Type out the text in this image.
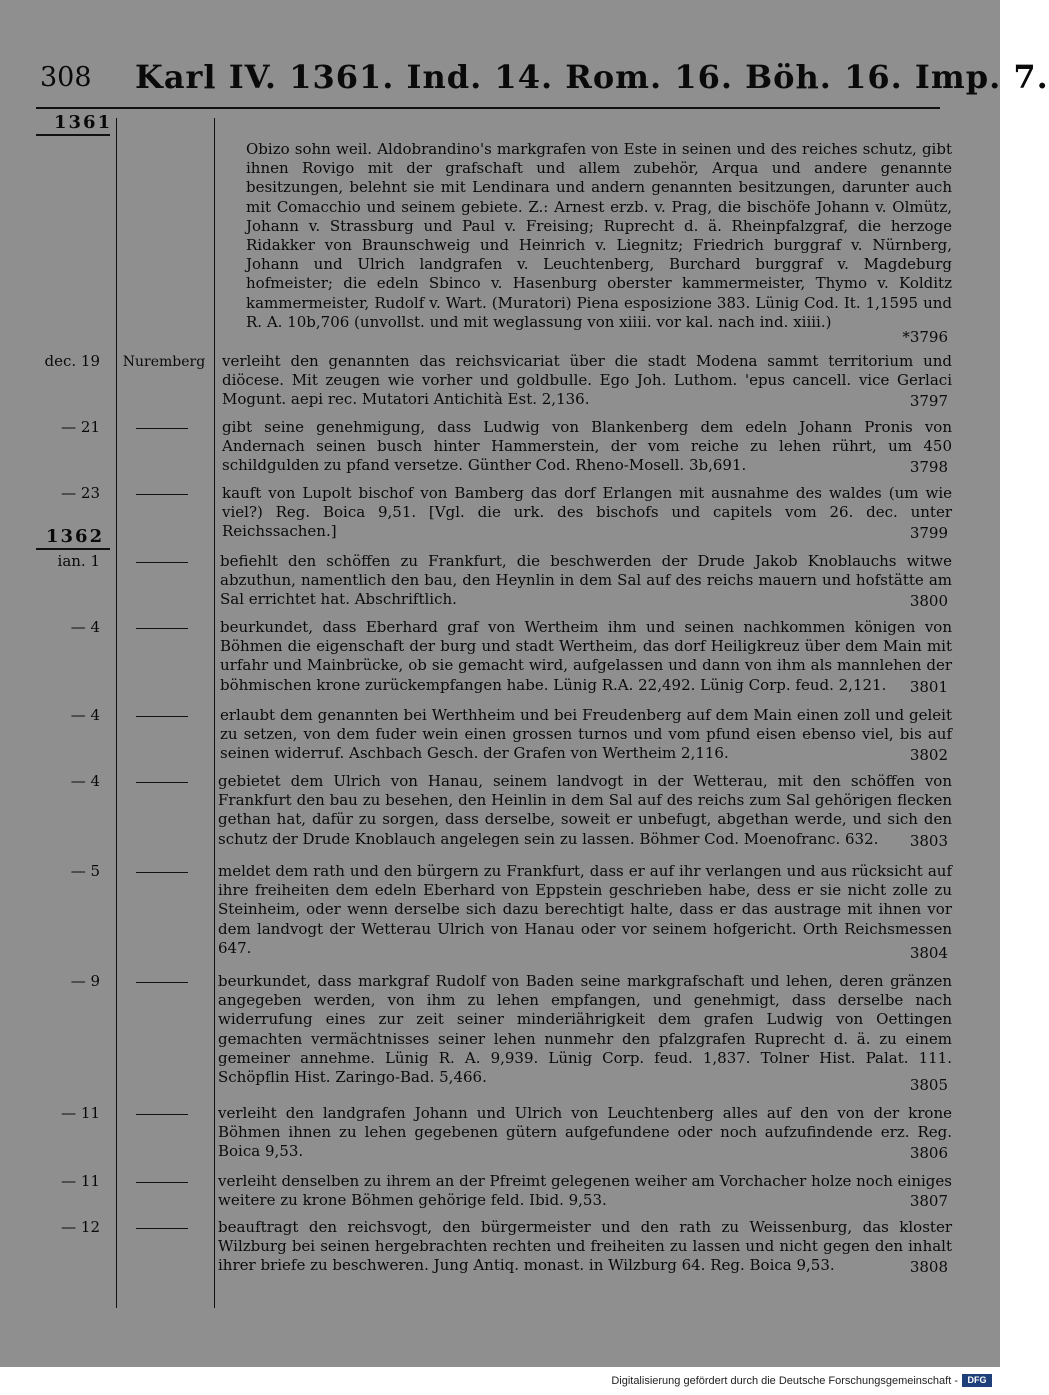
308 Karl IV. 1361. Ind. 14. Rom. 16. Böh. 16. Imp. 7.
1361
1362
Obizo sohn weil. Aldobrandino's markgrafen von Este in seinen und des reiches schutz, gibt ihnen Rovigo mit der grafschaft und allem zubehör, Arqua und andere genannte besitzungen, belehnt sie mit Lendinara und andern genannten besitzungen, darunter auch mit Comacchio und seinem gebiete. Z.: Arnest erzb. v. Prag, die bischöfe Johann v. Olmütz, Johann v. Strassburg und Paul v. Freising; Ruprecht d. ä. Rheinpfalzgraf, die herzoge Ridakker von Braunschweig und Heinrich v. Liegnitz; Friedrich burggraf v. Nürnberg, Johann und Ulrich landgrafen v. Leuchtenberg, Burchard burggraf v. Magdeburg hofmeister; die edeln Sbinco v. Hasenburg oberster kammermeister, Thymo v. Kolditz kammermeister, Rudolf v. Wart. (Muratori) Piena esposizione 383. Lünig Cod. It. 1,1595 und R. A. 10b,706 (unvollst. und mit weglassung von xiiii. vor kal. nach ind. xiiii.)
*3796
dec. 19 Nuremberg verleiht den genannten das reichsvicariat über die stadt Modena sammt territorium und diöcese. Mit zeugen wie vorher und goldbulle. Ego Joh. Luthom. 'epus cancell. vice Gerlaci Mogunt. aepi rec. Mutatori Antichità Est. 2,136.	3797
— 21	gibt seine genehmigung, dass Ludwig von Blankenberg dem edeln Johann Pronis von Andernach seinen busch hinter Hammerstein, der vom reiche zu lehen rührt, um 450 schildgulden zu pfand versetze. Günther Cod. Rheno-Mosell. 3b,691.	3798
— 23	kauft von Lupolt bischof von Bamberg das dorf Erlangen mit ausnahme des waldes (um wie viel?) Reg. Boica 9,51. [Vgl. die urk. des bischofs und capitels vom 26. dec. unter Reichssachen.]	3799
ian. 1	befiehlt den schöffen zu Frankfurt, die beschwerden der Drude Jakob Knoblauchs witwe abzuthun, namentlich den bau, den Heynlin in dem Sal auf des reichs mauern und hofstätte am Sal errichtet hat. Abschriftlich.	3800
— 4	beurkundet, dass Eberhard graf von Wertheim ihm und seinen nachkommen königen von Böhmen die eigenschaft der burg und stadt Wertheim, das dorf Heiligkreuz über dem Main mit urfahr und Mainbrücke, ob sie gemacht wird, aufgelassen und dann von ihm als mannlehen der böhmischen krone zurückempfangen habe. Lünig R.A. 22,492. Lünig Corp. feud. 2,121.	3801
— 4	erlaubt dem genannten bei Werthheim und bei Freudenberg auf dem Main einen zoll und geleit zu setzen, von dem fuder wein einen grossen turnos und vom pfund eisen ebenso viel, bis auf seinen widerruf. Aschbach Gesch. der Grafen von Wertheim 2,116.	3802
— 4	gebietet dem Ulrich von Hanau, seinem landvogt in der Wetterau, mit den schöffen von Frankfurt den bau zu besehen, den Heinlin in dem Sal auf des reichs zum Sal gehörigen flecken gethan hat, dafür zu sorgen, dass derselbe, soweit er unbefugt, abgethan werde, und sich den schutz der Drude Knoblauch angelegen sein zu lassen. Böhmer Cod. Moenofranc. 632.	3803
— 5	meldet dem rath und den bürgern zu Frankfurt, dass er auf ihr verlangen und aus rücksicht auf ihre freiheiten dem edeln Eberhard von Eppstein geschrieben habe, dess er sie nicht zolle zu Steinheim, oder wenn derselbe sich dazu berechtigt halte, dass er das austrage mit ihnen vor dem landvogt der Wetterau Ulrich von Hanau oder vor seinem hofgericht. Orth Reichsmessen 647.	3804
— 9	beurkundet, dass markgraf Rudolf von Baden seine markgrafschaft und lehen, deren gränzen angegeben werden, von ihm zu lehen empfangen, und genehmigt, dass derselbe nach widerrufung eines zur zeit seiner minderiährigkeit dem grafen Ludwig von Oettingen gemachten vermächtnisses seiner lehen nunmehr den pfalzgrafen Ruprecht d. ä. zu einem gemeiner annehme. Lünig R. A. 9,939. Lünig Corp. feud. 1,837. Tolner Hist. Palat. 111. Schöpflin Hist. Zaringo-Bad. 5,466.	3805
— 11	verleiht den landgrafen Johann und Ulrich von Leuchtenberg alles auf den von der krone Böhmen ihnen zu lehen gegebenen gütern aufgefundene oder noch aufzufindende erz. Reg. Boica 9,53.	3806
— 11	verleiht denselben zu ihrem an der Pfreimt gelegenen weiher am Vorchacher holze noch einiges weitere zu krone Böhmen gehörige feld. Ibid. 9,53.	3807
— 12	beauftragt den reichsvogt, den bürgermeister und den rath zu Weissenburg, das kloster Wilzburg bei seinen hergebrachten rechten und freiheiten zu lassen und nicht gegen den inhalt ihrer briefe zu beschweren. Jung Antiq. monast. in Wilzburg 64. Reg. Boica 9,53.	3808
Digitalisierung gefördert durch die Deutsche Forschungsgemeinschaft -	DFG
